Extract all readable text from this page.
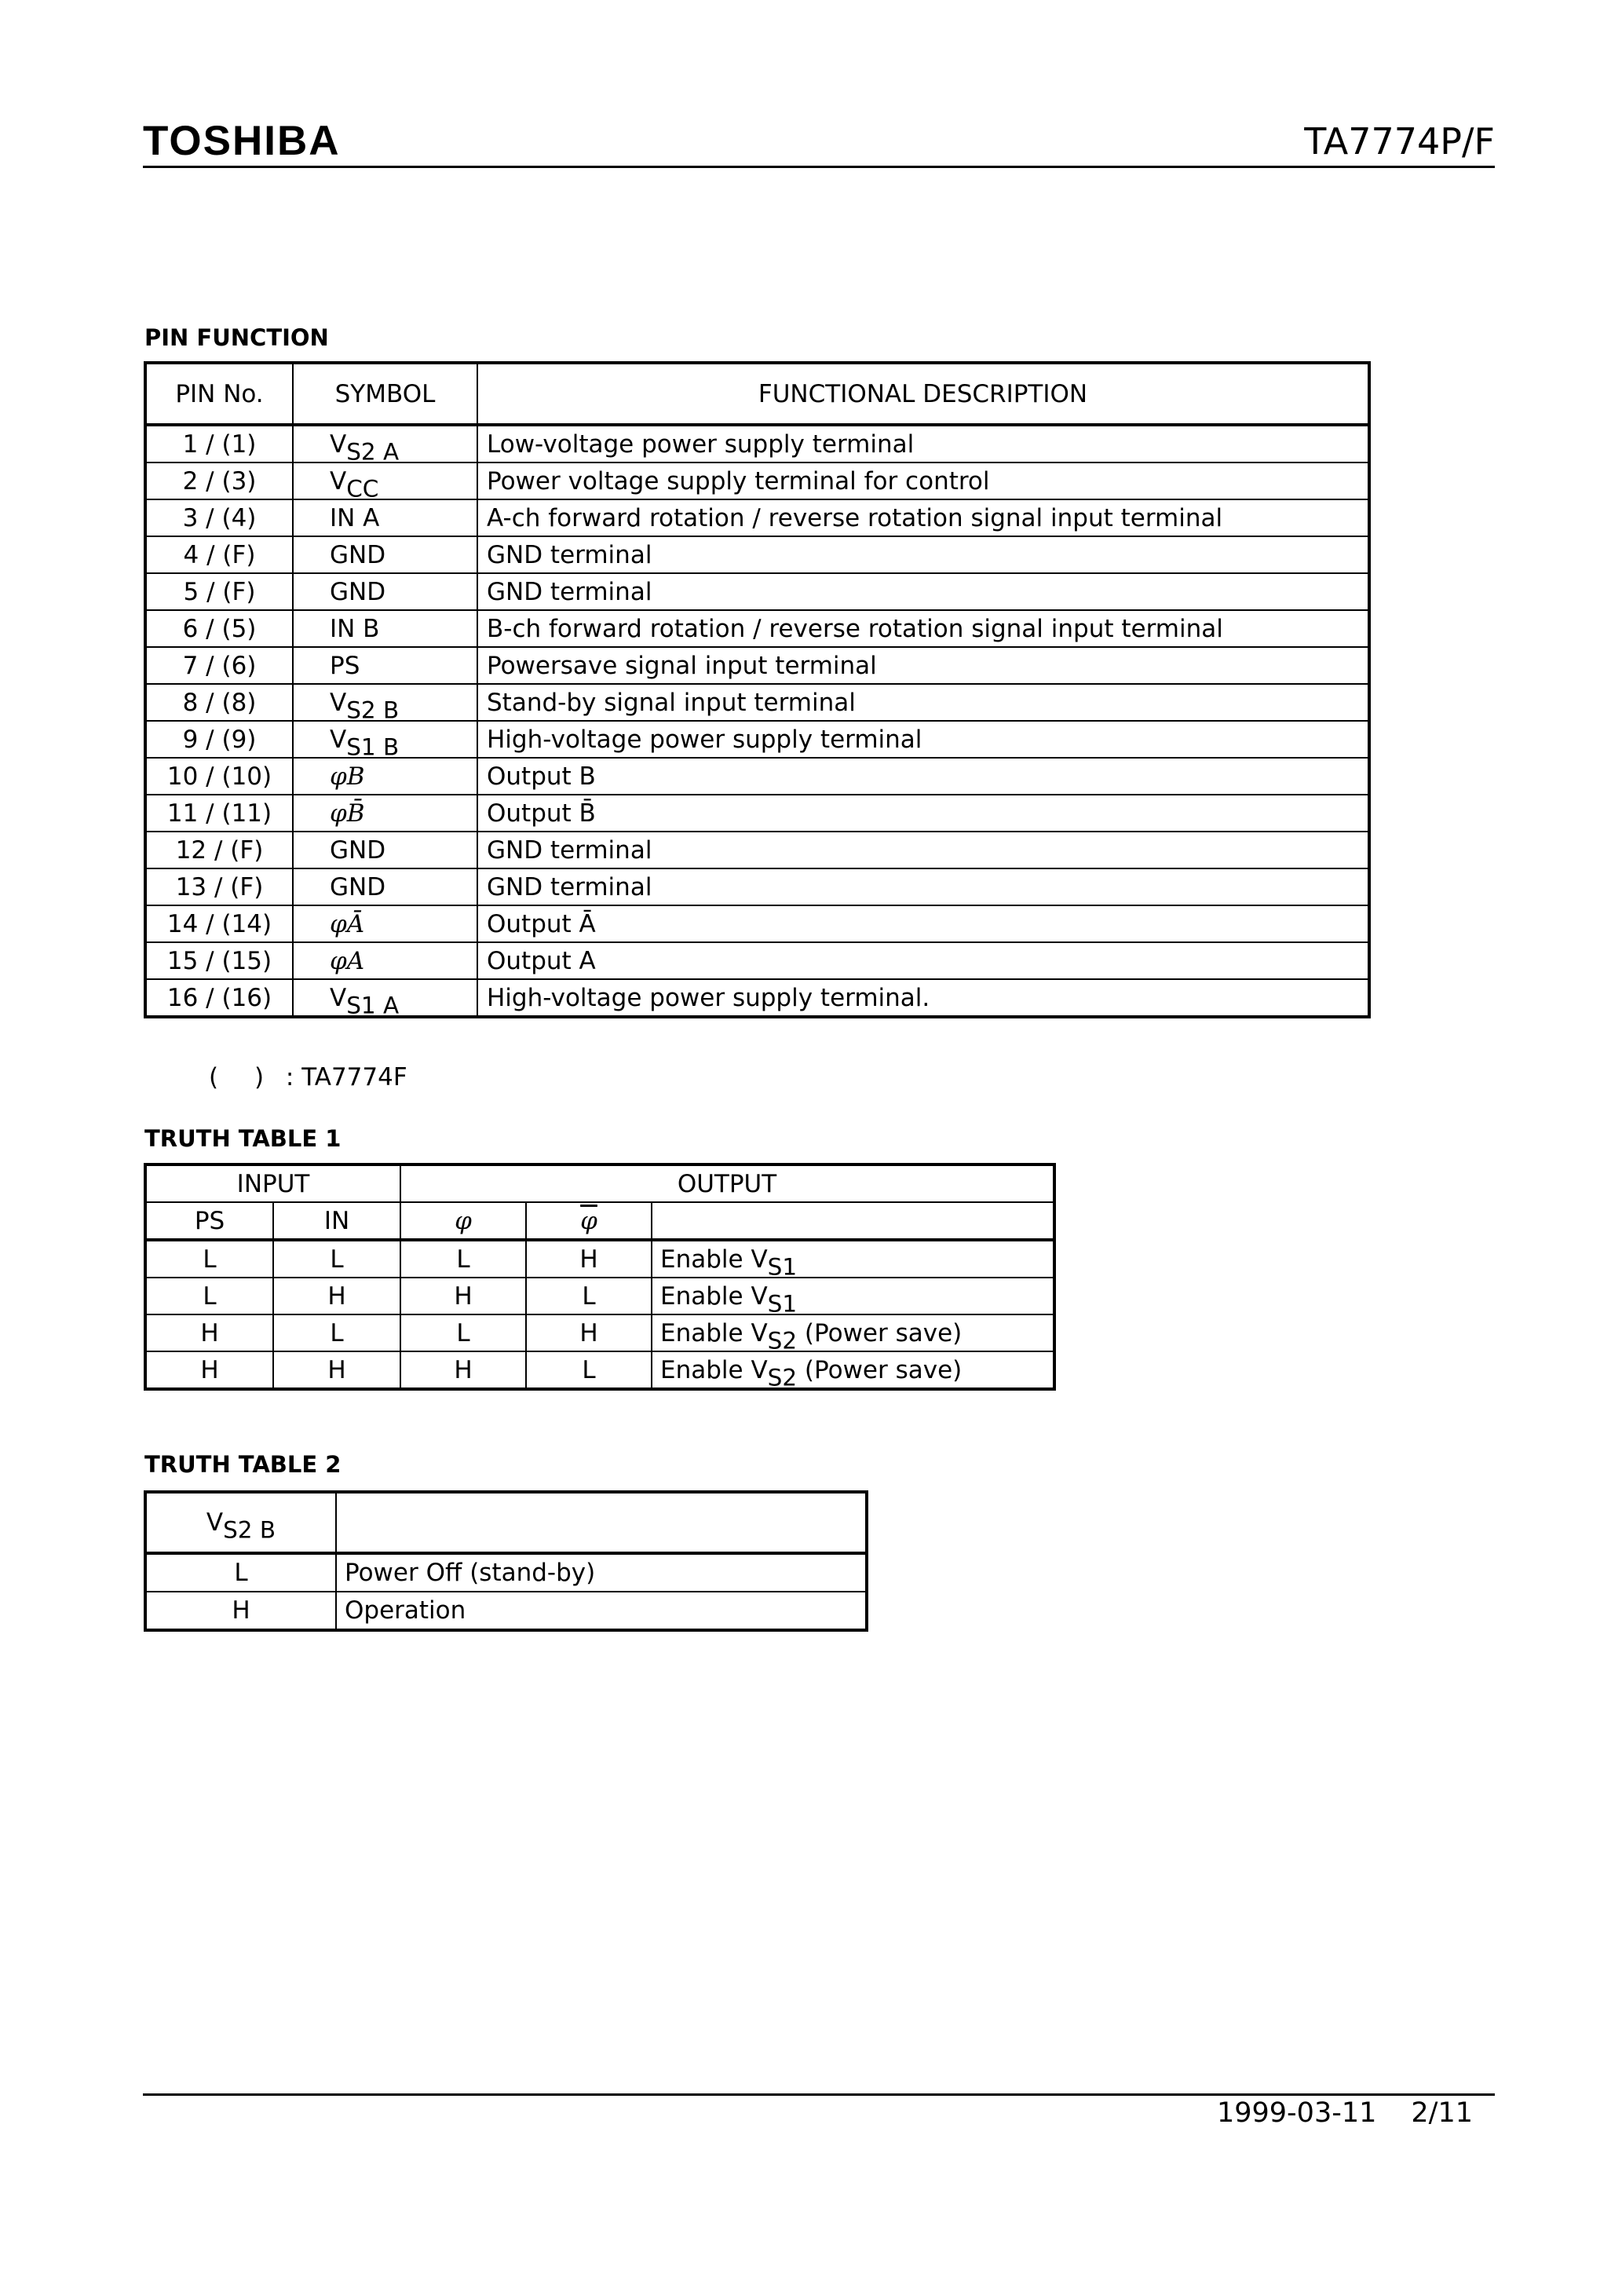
TOSHIBA	TA7774P/F
PIN FUNCTION
PIN No.	SYMBOL	FUNCTIONAL DESCRIPTION
1 / (1)	$V_{S2 A}$	Low-voltage power supply terminal
2 / (3)	$V_{CC}$	Power voltage supply terminal for control
3 / (4)	IN A	A-ch forward rotation / reverse rotation signal input terminal
4 / (F)	GND	GND terminal
5 / (F)	GND	GND terminal
6 / (5)	IN B	B-ch forward rotation / reverse rotation signal input terminal
7 / (6)	PS	Powersave signal input terminal
8 / (8)	$V_{S2 B}$	Stand-by signal input terminal
9 / (9)	$V_{S1 B}$	High-voltage power supply terminal
10 / (10)	φB	Output B
11 / (11)	φB̄	Output B̄
12 / (F)	GND	GND terminal
13 / (F)	GND	GND terminal
14 / (14)	φĀ	Output Ā
15 / (15)	φA	Output A
16 / (16)	$V_{S1 A}$	High-voltage power supply terminal.
( ) : TA7774F
TRUTH TABLE 1
INPUT		OUTPUT		
PS	IN	φ	$\overline{\varphi}$	
L	L	L	H	Enable $V_{S1}$
L	H	H	L	Enable $V_{S1}$
H	L	L	H	Enable $V_{S2}$ (Power save)
H	H	H	L	Enable $V_{S2}$ (Power save)
TRUTH TABLE 2
$V_{S2 B}$	
L	Power Off (stand-by)
H	Operation
1999-03-11 2/11
